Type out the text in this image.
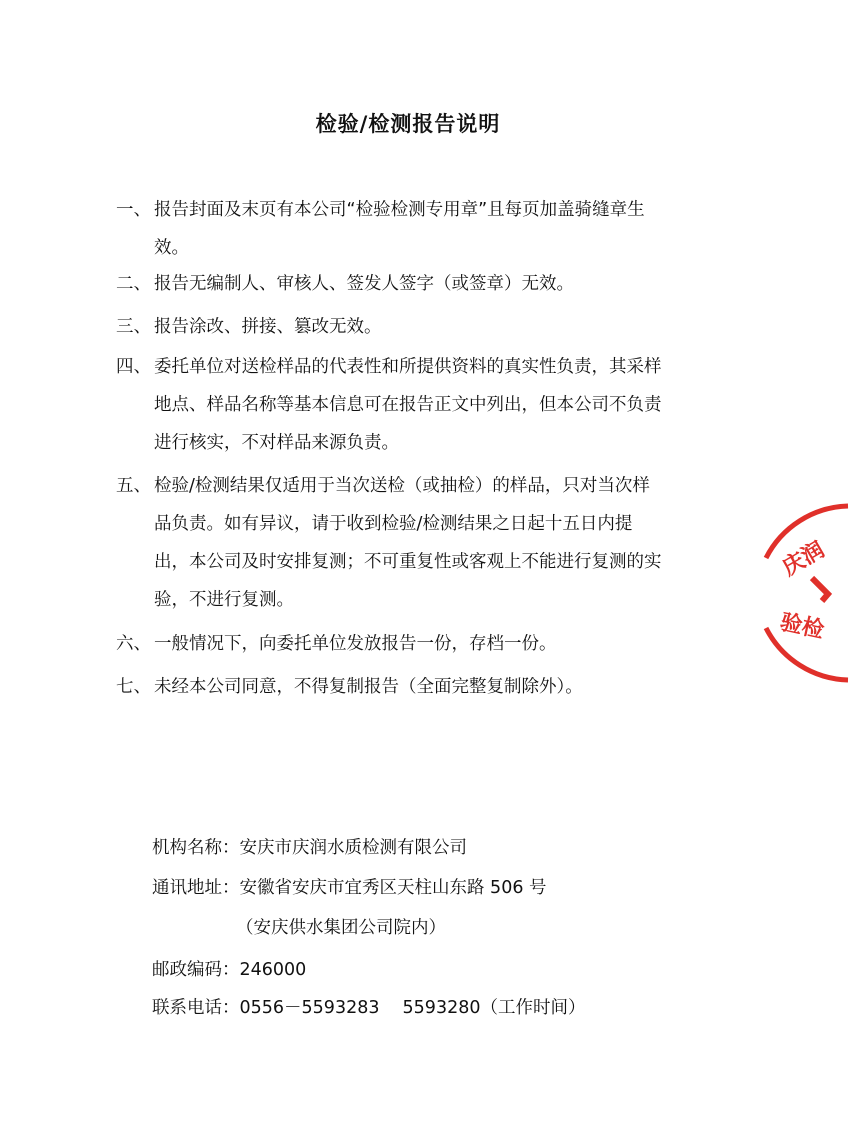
检验/检测报告说明
一、 报告封面及末页有本公司“检验检测专用章”且每页加盖骑缝章生
效。
二、 报告无编制人、审核人、签发人签字（或签章）无效。
三、 报告涂改、拼接、篡改无效。
四、 委托单位对送检样品的代表性和所提供资料的真实性负责，其采样
地点、样品名称等基本信息可在报告正文中列出，但本公司不负责
进行核实，不对样品来源负责。
五、 检验/检测结果仅适用于当次送检（或抽检）的样品，只对当次样
品负责。如有异议，请于收到检验/检测结果之日起十五日内提
出，本公司及时安排复测；不可重复性或客观上不能进行复测的实
验，不进行复测。
六、 一般情况下，向委托单位发放报告一份，存档一份。
七、 未经本公司同意，不得复制报告（全面完整复制除外）。
机构名称：安庆市庆润水质检测有限公司
通讯地址：安徽省安庆市宜秀区天柱山东路 506 号
（安庆供水集团公司院内）
邮政编码：246000
联系电话：0556－5593283　 5593280（工作时间）
庆润
验检
